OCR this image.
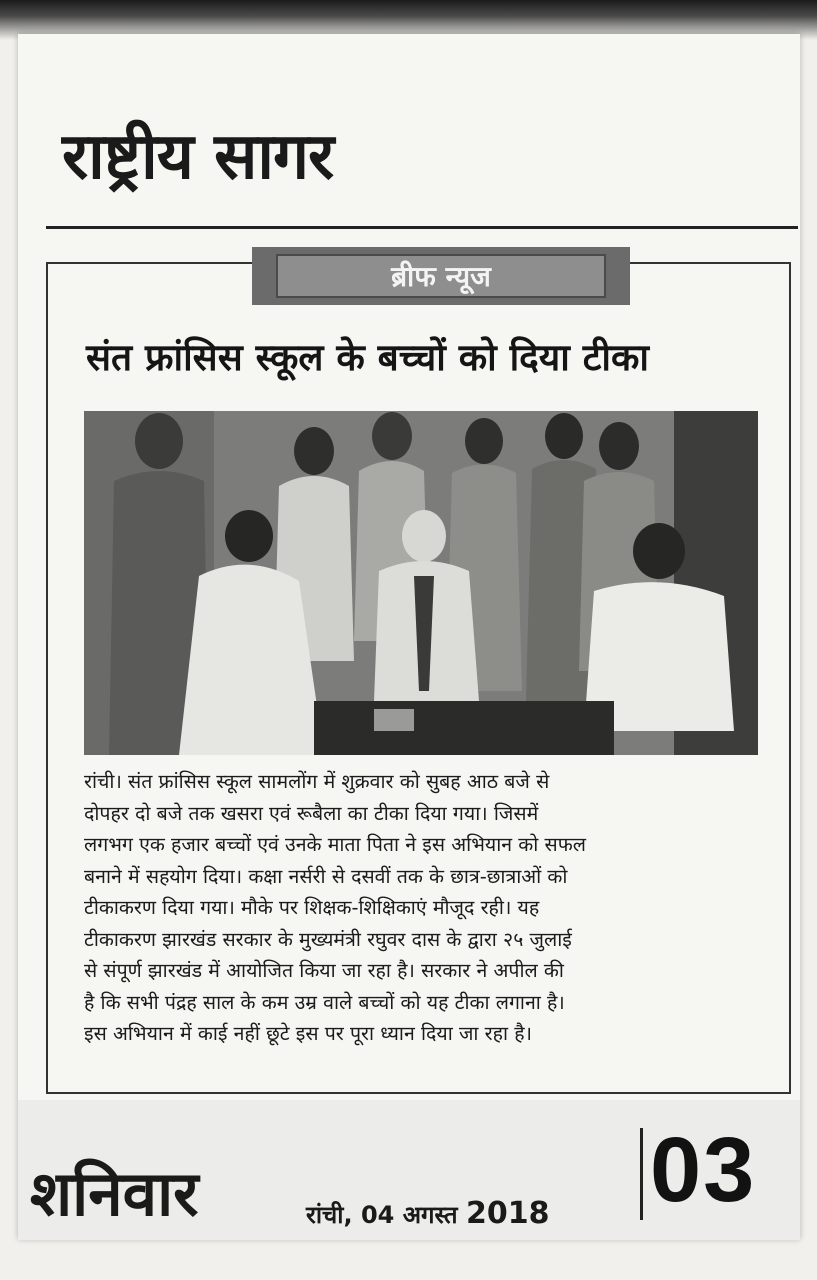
राष्ट्रीय सागर
ब्रीफ न्यूज
संत फ्रांसिस स्कूल के बच्चों को दिया टीका
रांची। संत फ्रांसिस स्कूल सामलोंग में शुक्रवार को सुबह आठ बजे से
दोपहर दो बजे तक खसरा एवं रूबैला का टीका दिया गया। जिसमें
लगभग एक हजार बच्चों एवं उनके माता पिता ने इस अभियान को सफल
बनाने में सहयोग दिया। कक्षा नर्सरी से दसवीं तक के छात्र-छात्राओं को
टीकाकरण दिया गया। मौके पर शिक्षक-शिक्षिकाएं मौजूद रही। यह
टीकाकरण झारखंड सरकार के मुख्यमंत्री रघुवर दास के द्वारा २५ जुलाई
से संपूर्ण झारखंड में आयोजित किया जा रहा है। सरकार ने अपील की
है कि सभी पंद्रह साल के कम उम्र वाले बच्चों को यह टीका लगाना है।
इस अभियान में काई नहीं छूटे इस पर पूरा ध्यान दिया जा रहा है।
शनिवार	रांची, 04 अगस्त 2018 03
